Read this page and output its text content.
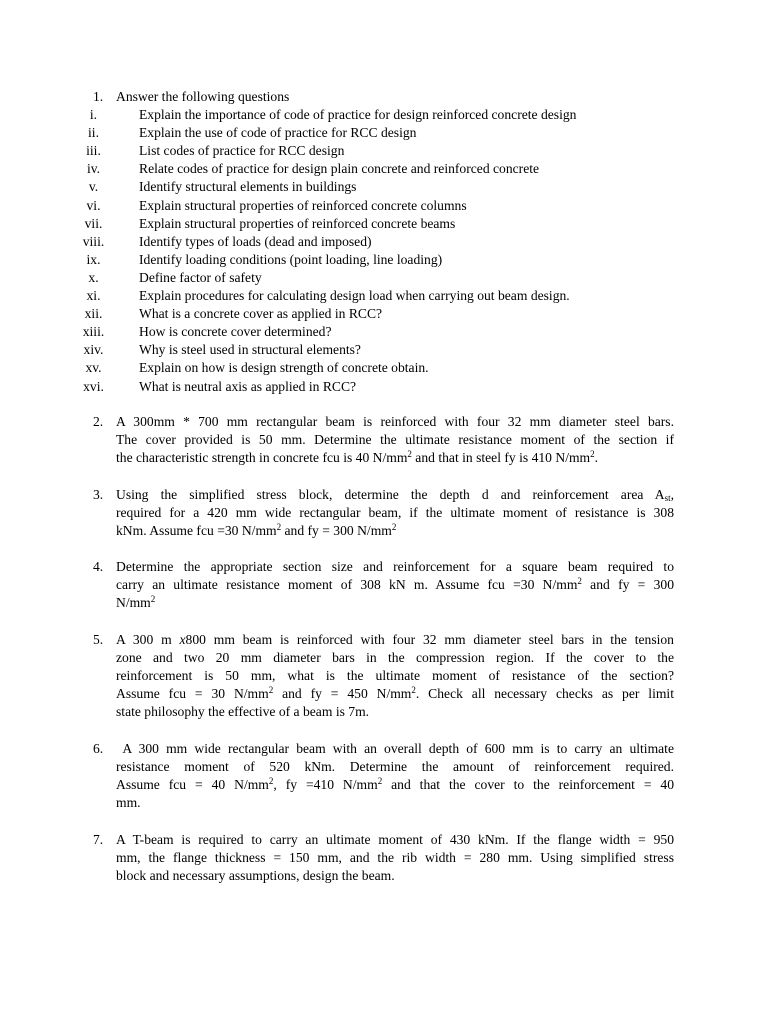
1. Answer the following questions
i.	Explain the importance of code of practice for design reinforced concrete design
ii.	Explain the use of code of practice for RCC design
iii.	List codes of practice for RCC design
iv.	Relate codes of practice for design plain concrete and reinforced concrete
v.	Identify structural elements in buildings
vi.	Explain structural properties of reinforced concrete columns
vii.	Explain structural properties of reinforced concrete beams
viii.	Identify types of loads (dead and imposed)
ix.	Identify loading conditions (point loading, line loading)
x.	Define factor of safety
xi.	Explain procedures for calculating design load when carrying out beam design.
xii.	What is a concrete cover as applied in RCC?
xiii.	How is concrete cover determined?
xiv.	Why is steel used in structural elements?
xv.	Explain on how is design strength of concrete obtain.
xvi.	What is neutral axis as applied in RCC?
2. A 300mm * 700 mm rectangular beam is reinforced with four 32 mm diameter steel bars.
The cover provided is 50 mm. Determine the ultimate resistance moment of the section if
the characteristic strength in concrete fcu is 40 $N/mm^2$ and that in steel fy is 410 $N/mm^2$.
3. Using the simplified stress block, determine the depth d and reinforcement area $A_{st}$,
required for a 420 mm wide rectangular beam, if the ultimate moment of resistance is 308
kNm. Assume fcu =30 $N/mm^2$ and fy = 300 $N/mm^2$
4. Determine the appropriate section size and reinforcement for a square beam required to
carry an ultimate resistance moment of 308 kN m. Assume fcu =30 $N/mm^2$ and fy = 300
$N/mm^2$
5. A 300 m x800 mm beam is reinforced with four 32 mm diameter steel bars in the tension
zone and two 20 mm diameter bars in the compression region. If the cover to the
reinforcement is 50 mm, what is the ultimate moment of resistance of the section?
Assume fcu = 30 $N/mm^2$ and fy = 450 $N/mm^2$. Check all necessary checks as per limit
state philosophy the effective of a beam is 7m.
6. A 300 mm wide rectangular beam with an overall depth of 600 mm is to carry an ultimate
resistance moment of 520 kNm. Determine the amount of reinforcement required.
Assume fcu = 40 $N/mm^2$, fy =410 $N/mm^2$ and that the cover to the reinforcement = 40
mm.
7. A T-beam is required to carry an ultimate moment of 430 kNm. If the flange width = 950
mm, the flange thickness = 150 mm, and the rib width = 280 mm. Using simplified stress
block and necessary assumptions, design the beam.
